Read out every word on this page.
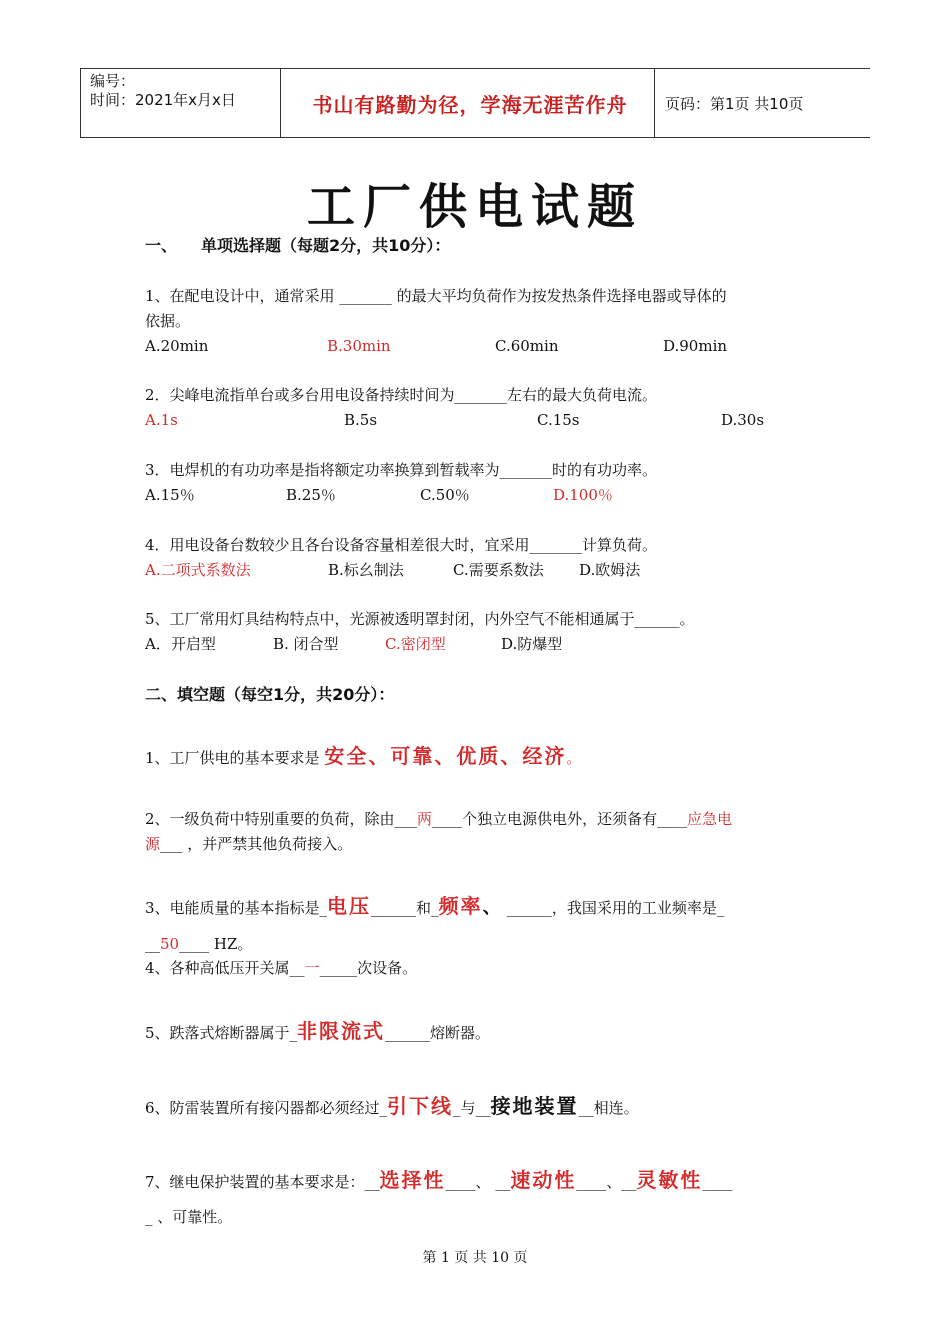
编号：
时间：2021年x月x日	书山有路勤为径，学海无涯苦作舟	页码：第1页 共10页
工厂供电试题
一、 单项选择题（每题2分，共10分）：
1、在配电设计中，通常采用 _______ 的最大平均负荷作为按发热条件选择电器或导体的
依据。
A.20min	B.30min	C.60min	D.90min
2．尖峰电流指单台或多台用电设备持续时间为_______左右的最大负荷电流。
A.1s	B.5s	C.15s	D.30s
3．电焊机的有功功率是指将额定功率换算到暂载率为_______时的有功功率。
A.15％	B.25％	C.50％	D.100％
4．用电设备台数较少且各台设备容量相差很大时，宜采用_______计算负荷。
A.二项式系数法	B.标幺制法	C.需要系数法 D.欧姆法
5、工厂常用灯具结构特点中，光源被透明罩封闭，内外空气不能相通属于______。
A．开启型	B. 闭合型	C.密闭型	D.防爆型
二、填空题（每空1分，共20分）：
1、工厂供电的基本要求是 安全、可靠、优质、经济。
2、一级负荷中特别重要的负荷，除由___两____个独立电源供电外，还须备有____应急电
源___ ，并严禁其他负荷接入。
3、电能质量的基本指标是_电压______和_频率、 ______，我国采用的工业频率是_
__50____ HZ。
4、各种高低压开关属__一_____次设备。
5、跌落式熔断器属于_非限流式______熔断器。
6、防雷装置所有接闪器都必须经过_引下线_与__接地装置__相连。
7、继电保护装置的基本要求是：__选择性____、 __速动性____、__灵敏性____
_ 、可靠性。
第 1 页 共 10 页
